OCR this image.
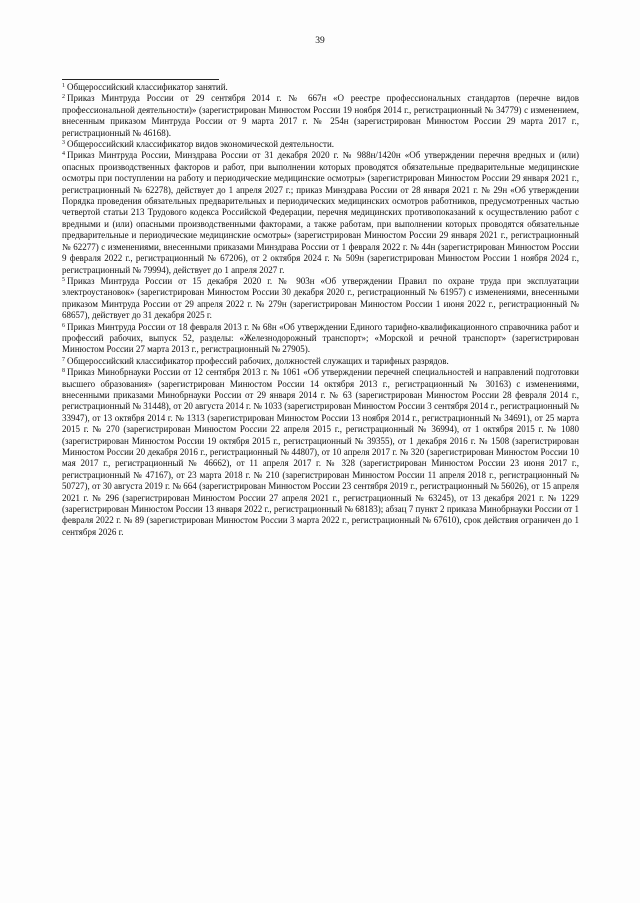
39

$^1$ Общероссийский классификатор занятий.

$^2$ Приказ Минтруда России от 29 сентября 2014 г. № 667н «О реестре профессиональных стандартов (перечне видов профессиональной деятельности)» (зарегистрирован Минюстом России 19 ноября 2014 г., регистрационный № 34779) с изменением, внесенным приказом Минтруда России от 9 марта 2017 г. № 254н (зарегистрирован Минюстом России 29 марта 2017 г., регистрационный № 46168).

$^3$ Общероссийский классификатор видов экономической деятельности.

$^4$ Приказ Минтруда России, Минздрава России от 31 декабря 2020 г. № 988н/1420н «Об утверждении перечня вредных и (или) опасных производственных факторов и работ, при выполнении которых проводятся обязательные предварительные медицинские осмотры при поступлении на работу и периодические медицинские осмотры» (зарегистрирован Минюстом России 29 января 2021 г., регистрационный № 62278), действует до 1 апреля 2027 г.; приказ Минздрава России от 28 января 2021 г. № 29н «Об утверждении Порядка проведения обязательных предварительных и периодических медицинских осмотров работников, предусмотренных частью четвертой статьи 213 Трудового кодекса Российской Федерации, перечня медицинских противопоказаний к осуществлению работ с вредными и (или) опасными производственными факторами, а также работам, при выполнении которых проводятся обязательные предварительные и периодические медицинские осмотры» (зарегистрирован Минюстом России 29 января 2021 г., регистрационный № 62277) с изменениями, внесенными приказами Минздрава России от 1 февраля 2022 г. № 44н (зарегистрирован Минюстом России 9 февраля 2022 г., регистрационный № 67206), от 2 октября 2024 г. № 509н (зарегистрирован Минюстом России 1 ноября 2024 г., регистрационный № 79994), действует до 1 апреля 2027 г.

$^5$ Приказ Минтруда России от 15 декабря 2020 г. № 903н «Об утверждении Правил по охране труда при эксплуатации электроустановок» (зарегистрирован Минюстом России 30 декабря 2020 г., регистрационный № 61957) с изменениями, внесенными приказом Минтруда России от 29 апреля 2022 г. № 279н (зарегистрирован Минюстом России 1 июня 2022 г., регистрационный № 68657), действует до 31 декабря 2025 г.

$^6$ Приказ Минтруда России от 18 февраля 2013 г. № 68н «Об утверждении Единого тарифно-квалификационного справочника работ и профессий рабочих, выпуск 52, разделы: «Железнодорожный транспорт»; «Морской и речной транспорт» (зарегистрирован Минюстом России 27 марта 2013 г., регистрационный № 27905).

$^7$ Общероссийский классификатор профессий рабочих, должностей служащих и тарифных разрядов.

$^8$ Приказ Минобрнауки России от 12 сентября 2013 г. № 1061 «Об утверждении перечней специальностей и направлений подготовки высшего образования» (зарегистрирован Минюстом России 14 октября 2013 г., регистрационный № 30163) с изменениями, внесенными приказами Минобрнауки России от 29 января 2014 г. № 63 (зарегистрирован Минюстом России 28 февраля 2014 г., регистрационный № 31448), от 20 августа 2014 г. № 1033 (зарегистрирован Минюстом России 3 сентября 2014 г., регистрационный № 33947), от 13 октября 2014 г. № 1313 (зарегистрирован Минюстом России 13 ноября 2014 г., регистрационный № 34691), от 25 марта 2015 г. № 270 (зарегистрирован Минюстом России 22 апреля 2015 г., регистрационный № 36994), от 1 октября 2015 г. № 1080 (зарегистрирован Минюстом России 19 октября 2015 г., регистрационный № 39355), от 1 декабря 2016 г. № 1508 (зарегистрирован Минюстом России 20 декабря 2016 г., регистрационный № 44807), от 10 апреля 2017 г. № 320 (зарегистрирован Минюстом России 10 мая 2017 г., регистрационный № 46662), от 11 апреля 2017 г. № 328 (зарегистрирован Минюстом России 23 июня 2017 г., регистрационный № 47167), от 23 марта 2018 г. № 210 (зарегистрирован Минюстом России 11 апреля 2018 г., регистрационный № 50727), от 30 августа 2019 г. № 664 (зарегистрирован Минюстом России 23 сентября 2019 г., регистрационный № 56026), от 15 апреля 2021 г. № 296 (зарегистрирован Минюстом России 27 апреля 2021 г., регистрационный № 63245), от 13 декабря 2021 г. № 1229 (зарегистрирован Минюстом России 13 января 2022 г., регистрационный № 68183); абзац 7 пункт 2 приказа Минобрнауки России от 1 февраля 2022 г. № 89 (зарегистрирован Минюстом России 3 марта 2022 г., регистрационный № 67610), срок действия ограничен до 1 сентября 2026 г.
